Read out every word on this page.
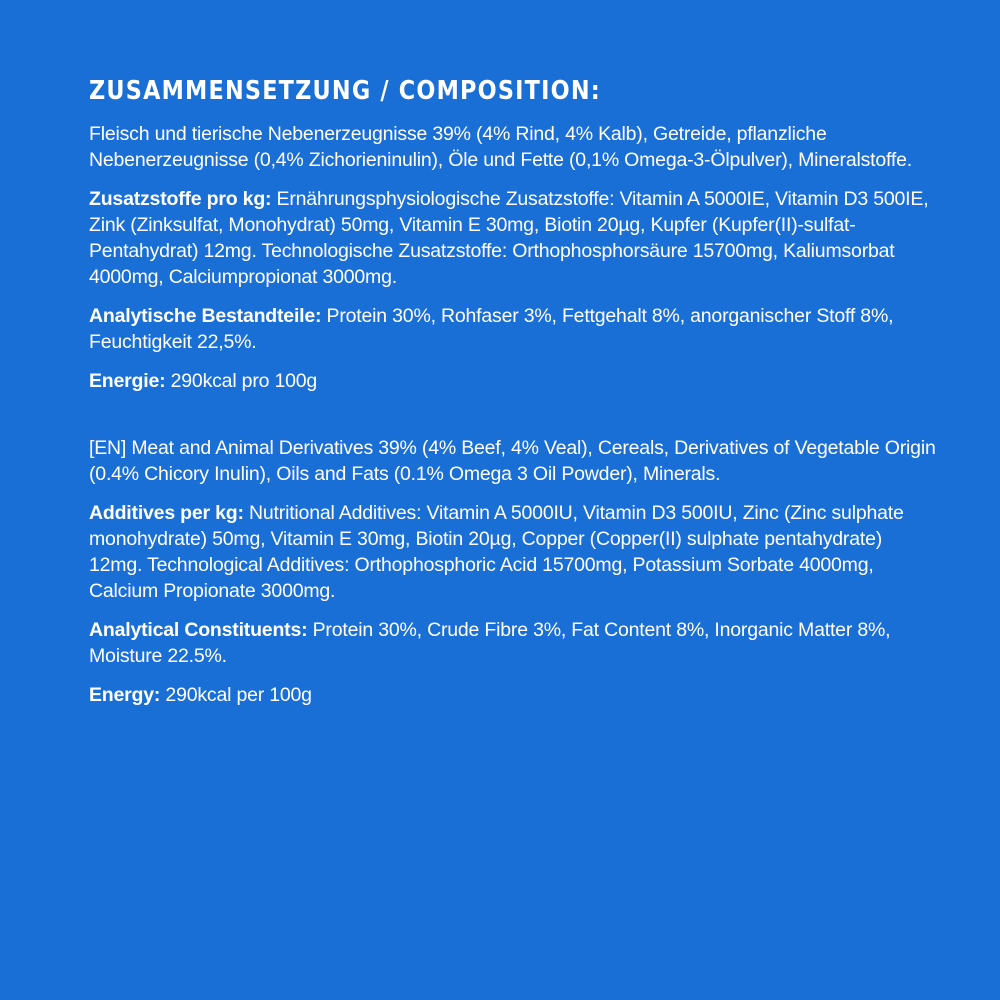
ZUSAMMENSETZUNG / COMPOSITION:

Fleisch und tierische Nebenerzeugnisse 39% (4% Rind, 4% Kalb), Getreide, pflanzliche Nebenerzeugnisse (0,4% Zichorieninulin), Öle und Fette (0,1% Omega-3-Ölpulver), Mineralstoffe.

Zusatzstoffe pro kg: Ernährungsphysiologische Zusatzstoffe: Vitamin A 5000IE, Vitamin D3 500IE, Zink (Zinksulfat, Monohydrat) 50mg, Vitamin E 30mg, Biotin 20µg, Kupfer (Kupfer(II)-sulfat-Pentahydrat) 12mg. Technologische Zusatzstoffe: Orthophosphorsäure 15700mg, Kaliumsorbat 4000mg, Calciumpropionat 3000mg.

Analytische Bestandteile: Protein 30%, Rohfaser 3%, Fettgehalt 8%, anorganischer Stoff 8%, Feuchtigkeit 22,5%.

Energie: 290kcal pro 100g

[EN] Meat and Animal Derivatives 39% (4% Beef, 4% Veal), Cereals, Derivatives of Vegetable Origin (0.4% Chicory Inulin), Oils and Fats (0.1% Omega 3 Oil Powder), Minerals.

Additives per kg: Nutritional Additives: Vitamin A 5000IU, Vitamin D3 500IU, Zinc (Zinc sulphate monohydrate) 50mg, Vitamin E 30mg, Biotin 20µg, Copper (Copper(II) sulphate pentahydrate) 12mg. Technological Additives: Orthophosphoric Acid 15700mg, Potassium Sorbate 4000mg, Calcium Propionate 3000mg.

Analytical Constituents: Protein 30%, Crude Fibre 3%, Fat Content 8%, Inorganic Matter 8%, Moisture 22.5%.

Energy: 290kcal per 100g
